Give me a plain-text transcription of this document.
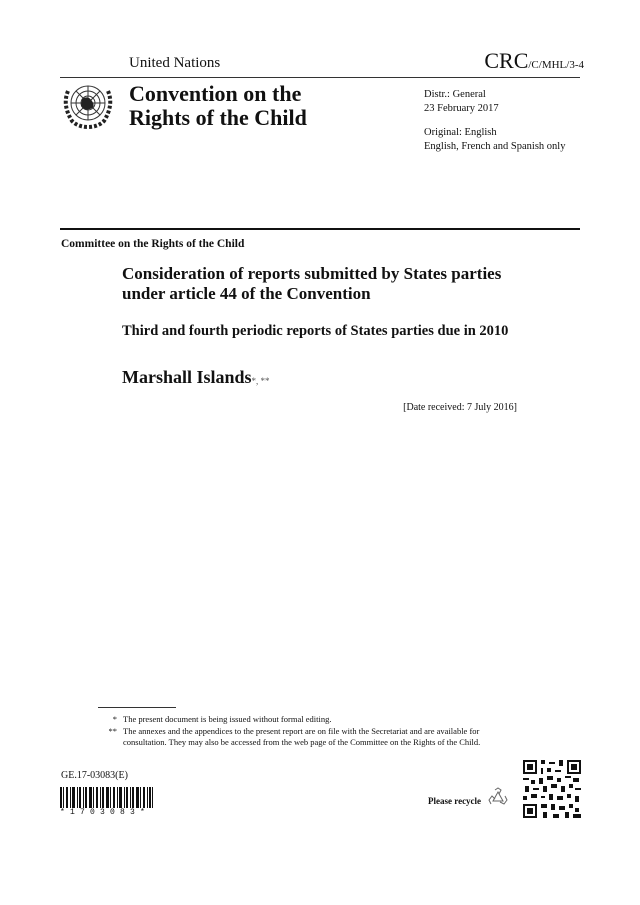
United Nations	CRC/C/MHL/3-4
Convention on the
Rights of the Child
Distr.: General
23 February 2017
Original: English
English, French and Spanish only
Committee on the Rights of the Child
Consideration of reports submitted by States parties under article 44 of the Convention
Third and fourth periodic reports of States parties due in 2010
Marshall Islands*, **
[Date received: 7 July 2016]
* The present document is being issued without formal editing.
** The annexes and the appendices to the present report are on file with the Secretariat and are available for consultation. They may also be accessed from the web page of the Committee on the Rights of the Child.
GE.17-03083(E)
*1703083*
Please recycle
